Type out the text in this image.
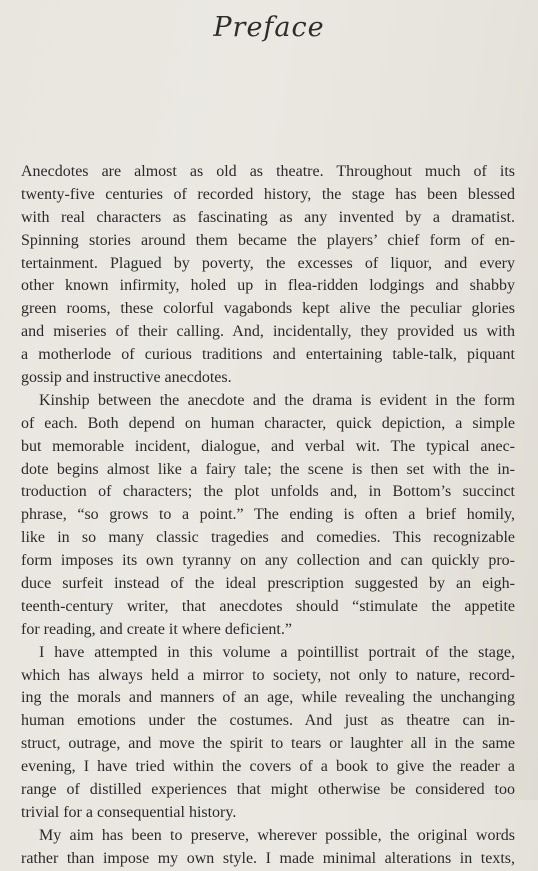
Preface
Anecdotes are almost as old as theatre. Throughout much of its
twenty-five centuries of recorded history, the stage has been blessed
with real characters as fascinating as any invented by a dramatist.
Spinning stories around them became the players’ chief form of en-
tertainment. Plagued by poverty, the excesses of liquor, and every
other known infirmity, holed up in flea-ridden lodgings and shabby
green rooms, these colorful vagabonds kept alive the peculiar glories
and miseries of their calling. And, incidentally, they provided us with
a motherlode of curious traditions and entertaining table-talk, piquant
gossip and instructive anecdotes.
Kinship between the anecdote and the drama is evident in the form
of each. Both depend on human character, quick depiction, a simple
but memorable incident, dialogue, and verbal wit. The typical anec-
dote begins almost like a fairy tale; the scene is then set with the in-
troduction of characters; the plot unfolds and, in Bottom’s succinct
phrase, “so grows to a point.” The ending is often a brief homily,
like in so many classic tragedies and comedies. This recognizable
form imposes its own tyranny on any collection and can quickly pro-
duce surfeit instead of the ideal prescription suggested by an eigh-
teenth-century writer, that anecdotes should “stimulate the appetite
for reading, and create it where deficient.”
I have attempted in this volume a pointillist portrait of the stage,
which has always held a mirror to society, not only to nature, record-
ing the morals and manners of an age, while revealing the unchanging
human emotions under the costumes. And just as theatre can in-
struct, outrage, and move the spirit to tears or laughter all in the same
evening, I have tried within the covers of a book to give the reader a
range of distilled experiences that might otherwise be considered too
trivial for a consequential history.
My aim has been to preserve, wherever possible, the original words
rather than impose my own style. I made minimal alterations in texts,
